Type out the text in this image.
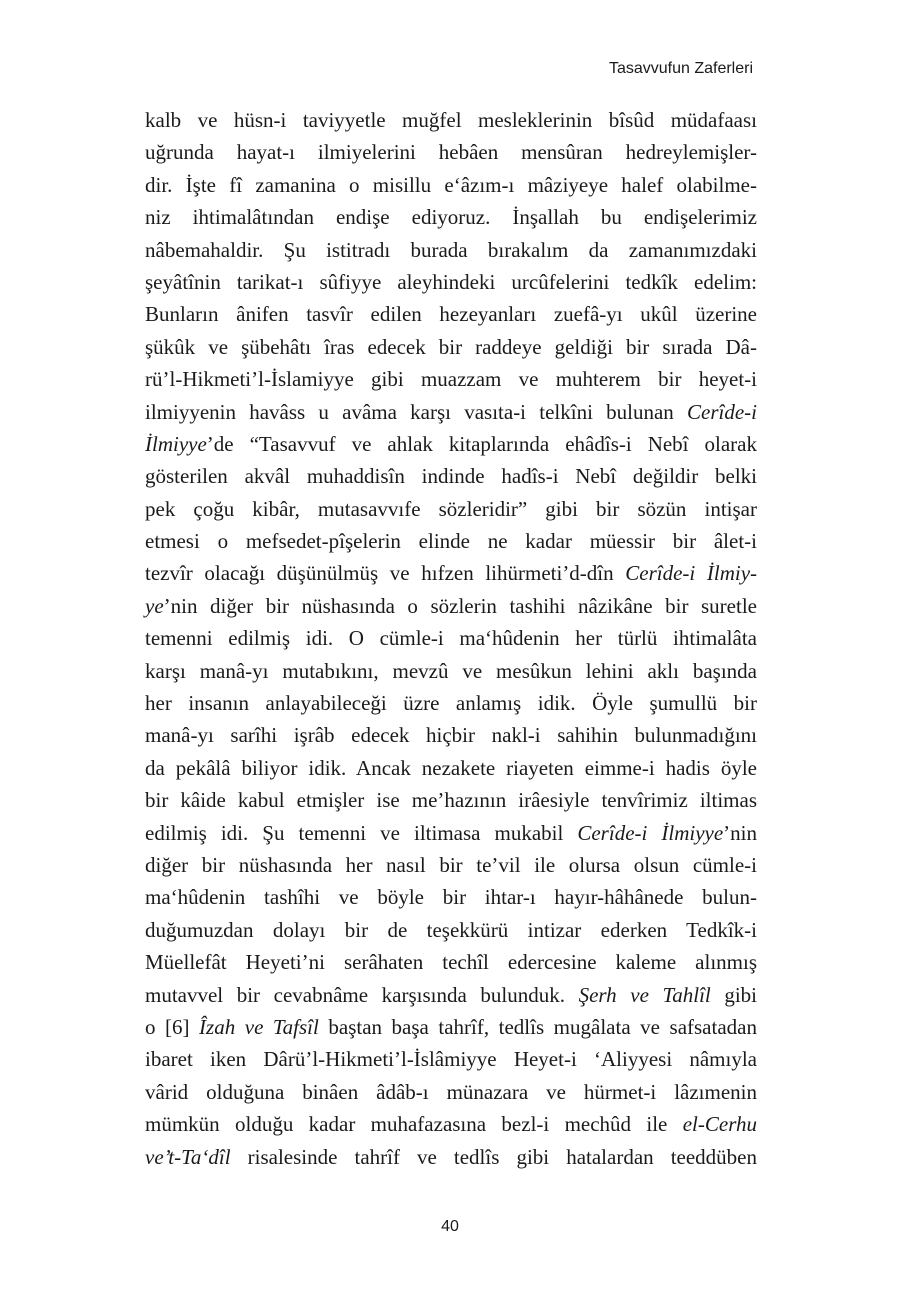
Tasavvufun Zaferleri
kalb ve hüsn-i taviyyetle muğfel mesleklerinin bîsûd müdafaası
uğrunda hayat-ı ilmiyelerini hebâen mensûran hedreylemişler-
dir. İşte fî zamanina o misillu e‘âzım-ı mâziyeye halef olabilme-
niz ihtimalâtından endişe ediyoruz. İnşallah bu endişelerimiz
nâbemahaldir. Şu istitradı burada bırakalım da zamanımızdaki
şeyâtînin tarikat-ı sûfiyye aleyhindeki urcûfelerini tedkîk edelim:
Bunların ânifen tasvîr edilen hezeyanları zuefâ-yı ukûl üzerine
şükûk ve şübehâtı îras edecek bir raddeye geldiği bir sırada Dâ-
rü’l-Hikmeti’l-İslamiyye gibi muazzam ve muhterem bir heyet-i
ilmiyyenin havâss u avâma karşı vasıta-i telkîni bulunan Cerîde-i
İlmiyye’de “Tasavvuf ve ahlak kitaplarında ehâdîs-i Nebî olarak
gösterilen akvâl muhaddisîn indinde hadîs-i Nebî değildir belki
pek çoğu kibâr, mutasavvıfe sözleridir” gibi bir sözün intişar
etmesi o mefsedet-pîşelerin elinde ne kadar müessir bir âlet-i
tezvîr olacağı düşünülmüş ve hıfzen lihürmeti’d-dîn Cerîde-i İlmiy-
ye’nin diğer bir nüshasında o sözlerin tashihi nâzikâne bir suretle
temenni edilmiş idi. O cümle-i ma‘hûdenin her türlü ihtimalâta
karşı manâ-yı mutabıkını, mevzû ve mesûkun lehini aklı başında
her insanın anlayabileceği üzre anlamış idik. Öyle şumullü bir
manâ-yı sarîhi işrâb edecek hiçbir nakl-i sahihin bulunmadığını
da pekâlâ biliyor idik. Ancak nezakete riayeten eimme-i hadis öyle
bir kâide kabul etmişler ise me’hazının irâesiyle tenvîrimiz iltimas
edilmiş idi. Şu temenni ve iltimasa mukabil Cerîde-i İlmiyye’nin
diğer bir nüshasında her nasıl bir te’vil ile olursa olsun cümle-i
ma‘hûdenin tashîhi ve böyle bir ihtar-ı hayır-hâhânede bulun-
duğumuzdan dolayı bir de teşekkürü intizar ederken Tedkîk-i
Müellefât Heyeti’ni serâhaten techîl edercesine kaleme alınmış
mutavvel bir cevabnâme karşısında bulunduk. Şerh ve Tahlîl gibi
o [6] Îzah ve Tafsîl baştan başa tahrîf, tedlîs mugâlata ve safsatadan
ibaret iken Dârü’l-Hikmeti’l-İslâmiyye Heyet-i ‘Aliyyesi nâmıyla
vârid olduğuna binâen âdâb-ı münazara ve hürmet-i lâzımenin
mümkün olduğu kadar muhafazasına bezl-i mechûd ile el-Cerhu
ve’t-Ta‘dîl risalesinde tahrîf ve tedlîs gibi hatalardan teeddüben
40
